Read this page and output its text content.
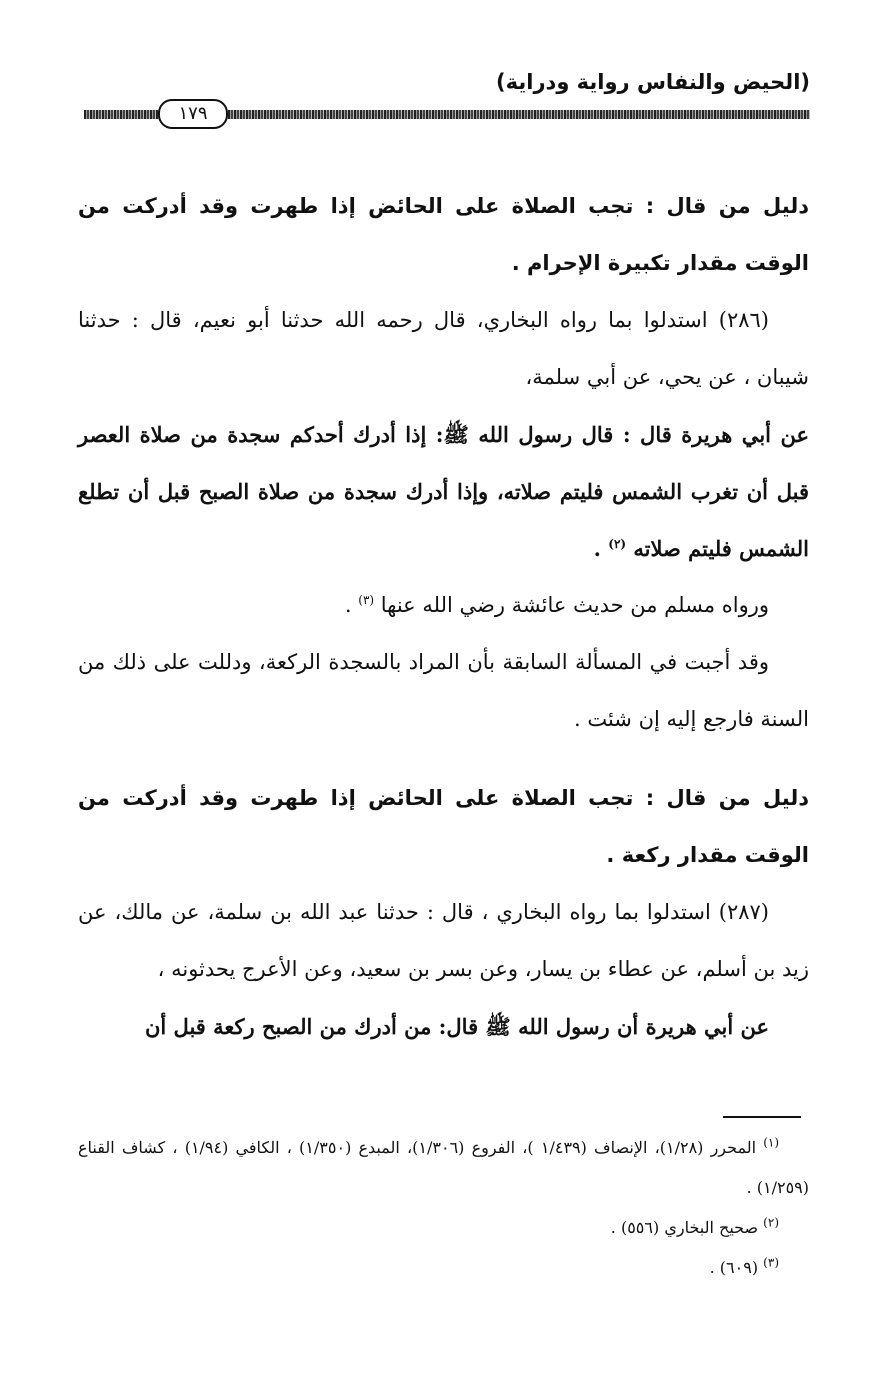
(الحيض والنفاس رواية ودراية)
١٧٩

دليل من قال : تجب الصلاة على الحائض إذا طهرت وقد أدركت من الوقت مقدار تكبيرة الإحرام .

(٢٨٦) استدلوا بما رواه البخاري، قال رحمه الله حدثنا أبو نعيم، قال : حدثنا شيبان ، عن يحي، عن أبي سلمة،

عن أبي هريرة قال : قال رسول الله ﷺ: إذا أدرك أحدكم سجدة من صلاة العصر قبل أن تغرب الشمس فليتم صلاته، وإذا أدرك سجدة من صلاة الصبح قبل أن تطلع الشمس فليتم صلاته $^{(٢)}$ .

ورواه مسلم من حديث عائشة رضي الله عنها $^{(٣)}$ .

وقد أجبت في المسألة السابقة بأن المراد بالسجدة الركعة، ودللت على ذلك من السنة فارجع إليه إن شئت .

دليل من قال : تجب الصلاة على الحائض إذا طهرت وقد أدركت من الوقت مقدار ركعة .

(٢٨٧) استدلوا بما رواه البخاري ، قال : حدثنا عبد الله بن سلمة، عن مالك، عن زيد بن أسلم، عن عطاء بن يسار، وعن بسر بن سعيد، وعن الأعرج يحدثونه ،

عن أبي هريرة أن رسول الله ﷺ قال: من أدرك من الصبح ركعة قبل أن

$^{(١)}$ المحرر (١/٢٨)، الإنصاف (١/٤٣٩ )، الفروع (١/٣٠٦)، المبدع (١/٣٥٠) ، الكافي (١/٩٤) ، كشاف القناع (١/٢٥٩) .

$^{(٢)}$ صحيح البخاري (٥٥٦) .

$^{(٣)}$ (٦٠٩) .
